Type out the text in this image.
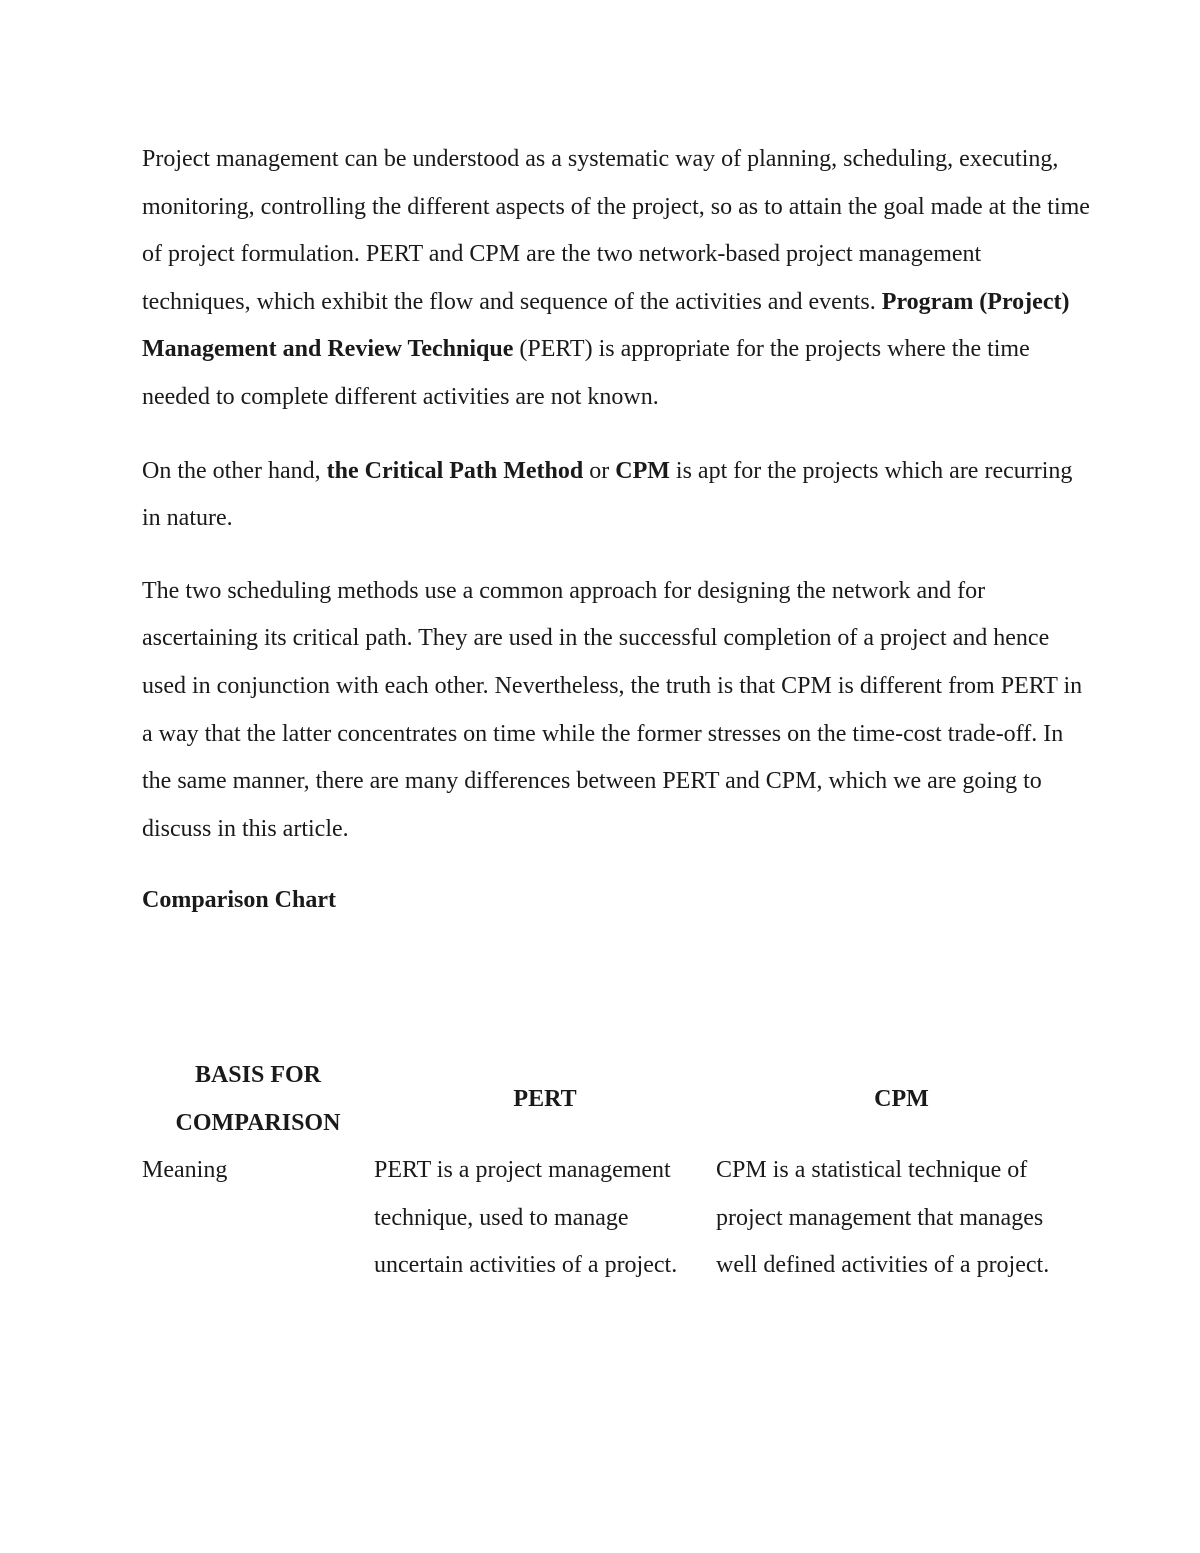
Project management can be understood as a systematic way of planning, scheduling, executing, monitoring, controlling the different aspects of the project, so as to attain the goal made at the time of project formulation. PERT and CPM are the two network-based project management techniques, which exhibit the flow and sequence of the activities and events. Program (Project) Management and Review Technique (PERT) is appropriate for the projects where the time needed to complete different activities are not known.

On the other hand, the Critical Path Method or CPM is apt for the projects which are recurring in nature.

The two scheduling methods use a common approach for designing the network and for ascertaining its critical path. They are used in the successful completion of a project and hence used in conjunction with each other. Nevertheless, the truth is that CPM is different from PERT in a way that the latter concentrates on time while the former stresses on the time-cost trade-off. In the same manner, there are many differences between PERT and CPM, which we are going to discuss in this article.

Comparison Chart

BASIS FOR
COMPARISON	PERT	CPM
Meaning	PERT is a project management technique, used to manage uncertain activities of a project.	CPM is a statistical technique of project management that manages well defined activities of a project.
